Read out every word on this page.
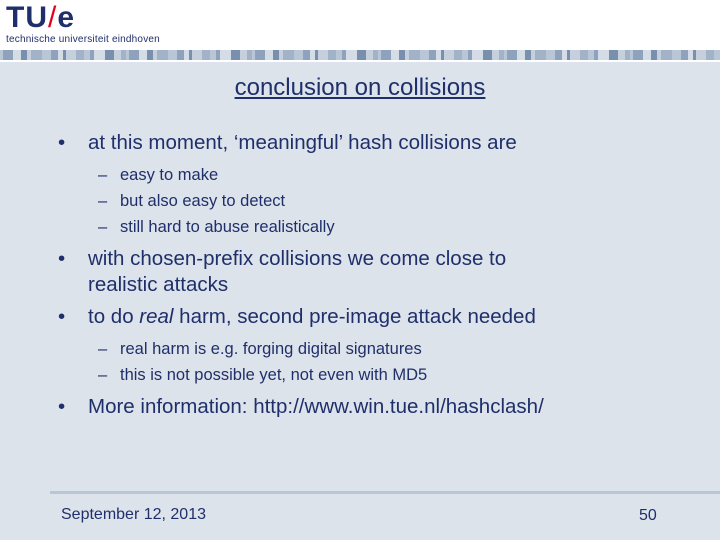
TU/e
technische universiteit eindhoven
conclusion on collisions
•	at this moment, ‘meaningful’ hash collisions are
– easy to make
– but also easy to detect
– still hard to abuse realistically
•	with chosen-prefix collisions we come close to
realistic attacks
•	to do real harm, second pre-image attack needed
– real harm is e.g. forging digital signatures
– this is not possible yet, not even with MD5
•	More information: http://www.win.tue.nl/hashclash/
September 12, 2013	50
